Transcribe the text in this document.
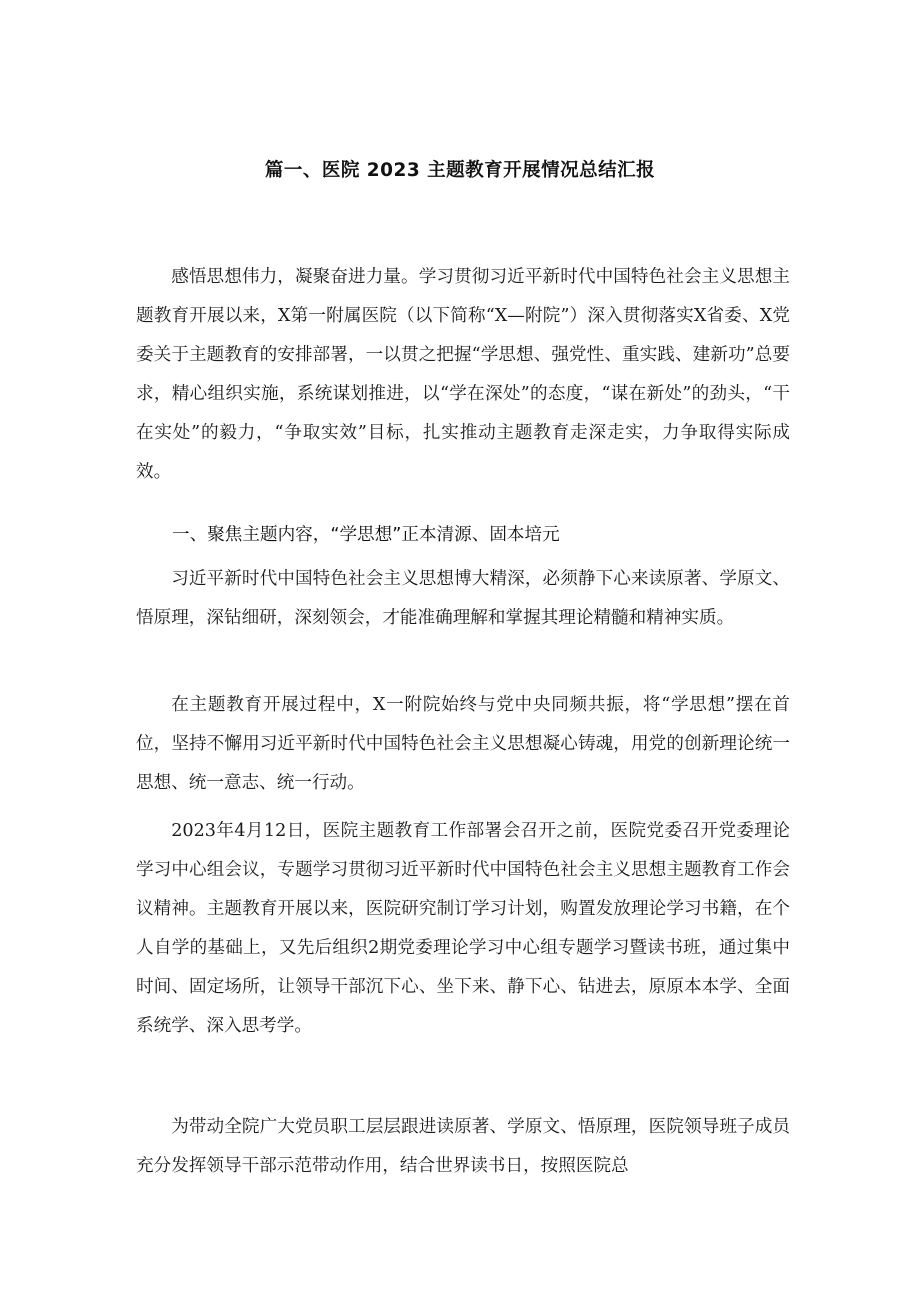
篇一、医院 2023 主题教育开展情况总结汇报

感悟思想伟力，凝聚奋进力量。学习贯彻习近平新时代中国特色社会主义思想主题教育开展以来，X第一附属医院（以下简称“X—附院”）深入贯彻落实X省委、X党委关于主题教育的安排部署，一以贯之把握“学思想、强党性、重实践、建新功”总要求，精心组织实施，系统谋划推进，以“学在深处”的态度，“谋在新处”的劲头，“干在实处”的毅力，“争取实效”目标，扎实推动主题教育走深走实，力争取得实际成效。

一、聚焦主题内容，“学思想”正本清源、固本培元

习近平新时代中国特色社会主义思想博大精深，必须静下心来读原著、学原文、悟原理，深钻细研，深刻领会，才能准确理解和掌握其理论精髓和精神实质。

在主题教育开展过程中，X一附院始终与党中央同频共振，将“学思想”摆在首位，坚持不懈用习近平新时代中国特色社会主义思想凝心铸魂，用党的创新理论统一思想、统一意志、统一行动。

2023年4月12日，医院主题教育工作部署会召开之前，医院党委召开党委理论学习中心组会议，专题学习贯彻习近平新时代中国特色社会主义思想主题教育工作会议精神。主题教育开展以来，医院研究制订学习计划，购置发放理论学习书籍，在个人自学的基础上，又先后组织2期党委理论学习中心组专题学习暨读书班，通过集中时间、固定场所，让领导干部沉下心、坐下来、静下心、钻进去，原原本本学、全面系统学、深入思考学。

为带动全院广大党员职工层层跟进读原著、学原文、悟原理，医院领导班子成员充分发挥领导干部示范带动作用，结合世界读书日，按照医院总
